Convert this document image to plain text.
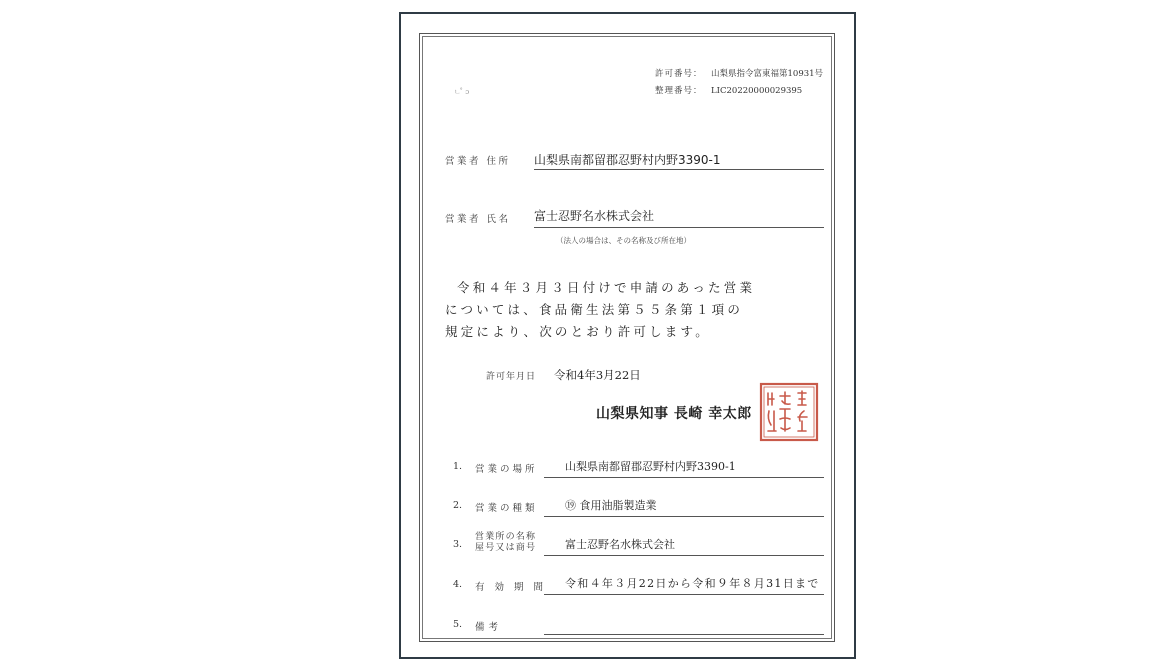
ㄴ ̊ ɔ
許可番号： 山梨県指令富東福第10931号
整理番号： LIC20220000029395
営業者 住所 山梨県南都留郡忍野村内野3390-1
営業者 氏名 富士忍野名水株式会社
（法人の場合は、その名称及び所在地）

令和４年３月３日付けで申請のあった営業
については、食品衛生法第５５条第１項の
規定により、次のとおり許可します。

許可年月日 令和4年3月22日
山梨県知事 長崎 幸太郎
1. 営業の場所 山梨県南都留郡忍野村内野3390-1
2. 営業の種類 ⑲ 食用油脂製造業
3.
営業所の名称
屋号又は商号	富士忍野名水株式会社
4. 有効期間 令和４年３月22日から令和９年８月31日まで
5. 備考
